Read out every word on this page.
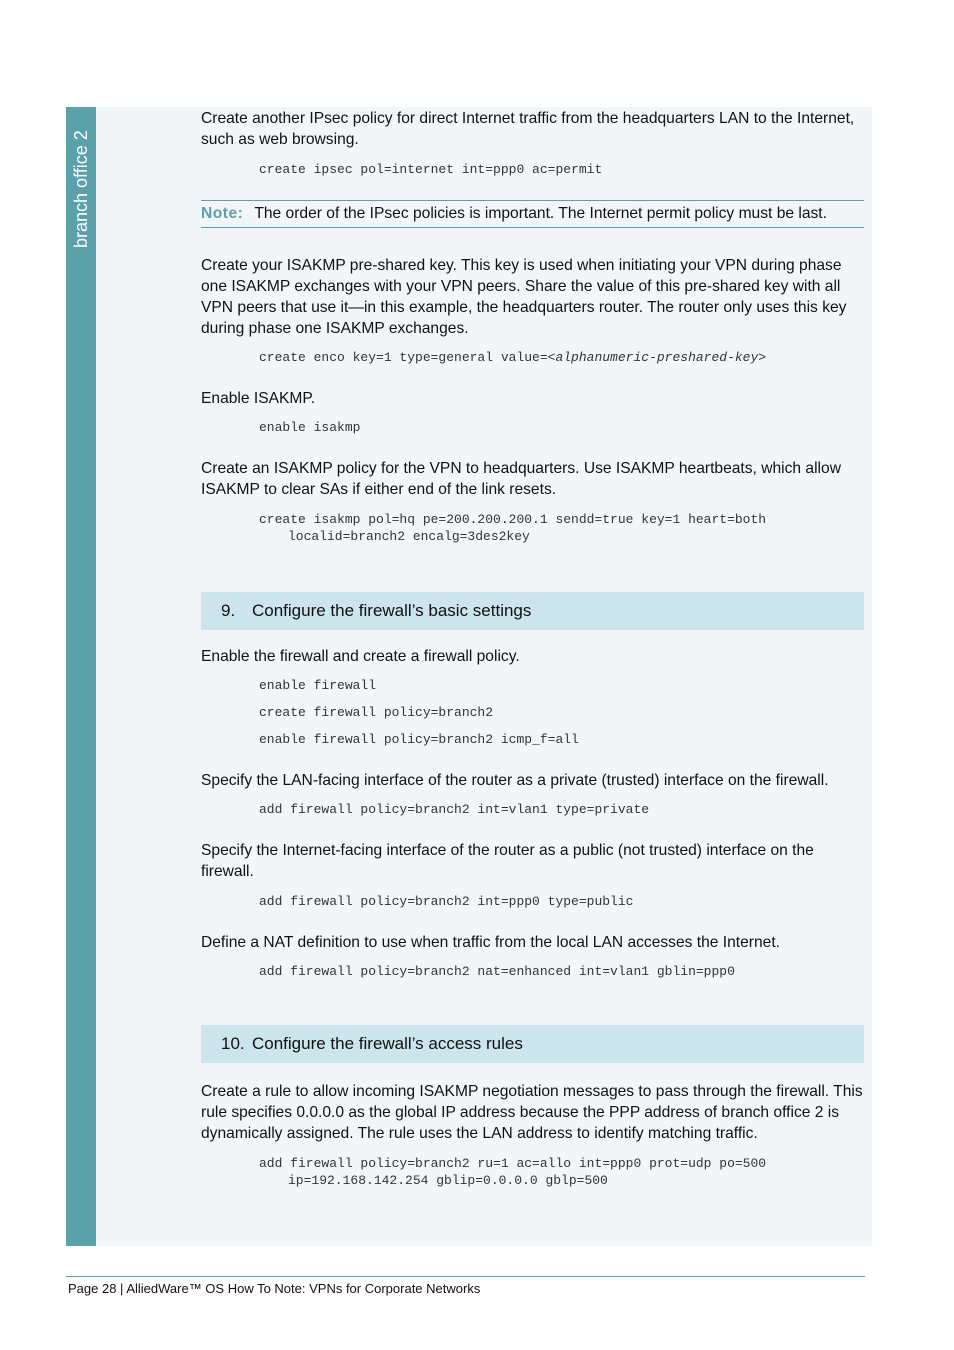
branch office 2

Create another IPsec policy for direct Internet traffic from the headquarters LAN to the Internet, such as web browsing.

create ipsec pol=internet int=ppp0 ac=permit
Note: The order of the IPsec policies is important. The Internet permit policy must be last.

Create your ISAKMP pre-shared key. This key is used when initiating your VPN during phase one ISAKMP exchanges with your VPN peers. Share the value of this pre-shared key with all VPN peers that use it—in this example, the headquarters router. The router only uses this key during phase one ISAKMP exchanges.

create enco key=1 type=general value=<alphanumeric-preshared-key>

Enable ISAKMP.

enable isakmp

Create an ISAKMP policy for the VPN to headquarters. Use ISAKMP heartbeats, which allow ISAKMP to clear SAs if either end of the link resets.

create isakmp pol=hq pe=200.200.200.1 sendd=true key=1 heart=both
localid=branch2 encalg=3des2key
9. Configure the firewall’s basic settings

Enable the firewall and create a firewall policy.

enable firewall
create firewall policy=branch2
enable firewall policy=branch2 icmp_f=all

Specify the LAN-facing interface of the router as a private (trusted) interface on the firewall.

add firewall policy=branch2 int=vlan1 type=private

Specify the Internet-facing interface of the router as a public (not trusted) interface on the firewall.

add firewall policy=branch2 int=ppp0 type=public

Define a NAT definition to use when traffic from the local LAN accesses the Internet.

add firewall policy=branch2 nat=enhanced int=vlan1 gblin=ppp0
10. Configure the firewall’s access rules

Create a rule to allow incoming ISAKMP negotiation messages to pass through the firewall. This rule specifies 0.0.0.0 as the global IP address because the PPP address of branch office 2 is dynamically assigned. The rule uses the LAN address to identify matching traffic.

add firewall policy=branch2 ru=1 ac=allo int=ppp0 prot=udp po=500
ip=192.168.142.254 gblip=0.0.0.0 gblp=500
Page 28 | AlliedWare™ OS How To Note: VPNs for Corporate Networks
